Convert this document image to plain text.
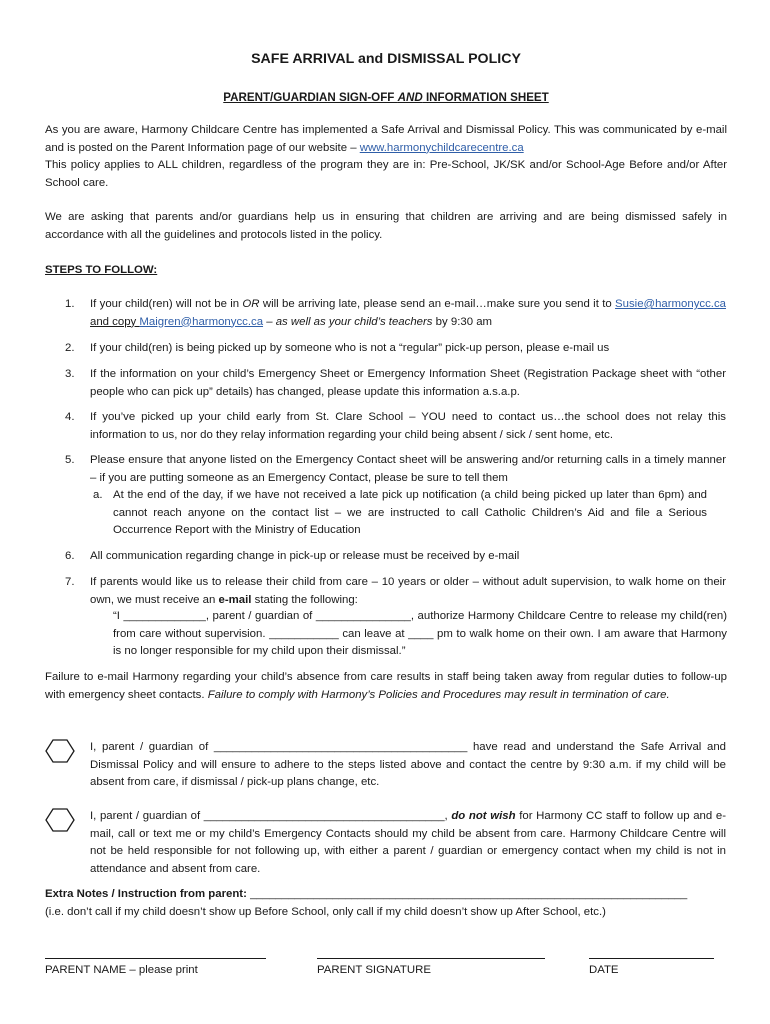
SAFE ARRIVAL and DISMISSAL POLICY
PARENT/GUARDIAN SIGN-OFF AND INFORMATION SHEET
As you are aware, Harmony Childcare Centre has implemented a Safe Arrival and Dismissal Policy. This was communicated by e-mail and is posted on the Parent Information page of our website – www.harmonychildcarecentre.ca
This policy applies to ALL children, regardless of the program they are in: Pre-School, JK/SK and/or School-Age Before and/or After School care.
We are asking that parents and/or guardians help us in ensuring that children are arriving and are being dismissed safely in accordance with all the guidelines and protocols listed in the policy.
STEPS TO FOLLOW:
1.	If your child(ren) will not be in OR will be arriving late, please send an e-mail…make sure you send it to Susie@harmonycc.ca and copy Maigren@harmonycc.ca – as well as your child’s teachers by 9:30 am
2.	If your child(ren) is being picked up by someone who is not a “regular” pick-up person, please e-mail us
3.	If the information on your child’s Emergency Sheet or Emergency Information Sheet (Registration Package sheet with “other people who can pick up” details) has changed, please update this information a.s.a.p.
4.	If you’ve picked up your child early from St. Clare School – YOU need to contact us…the school does not relay this information to us, nor do they relay information regarding your child being absent / sick / sent home, etc.
5.	Please ensure that anyone listed on the Emergency Contact sheet will be answering and/or returning calls in a timely manner – if you are putting someone as an Emergency Contact, please be sure to tell them
a. At the end of the day, if we have not received a late pick up notification (a child being picked up later than 6pm) and cannot reach anyone on the contact list – we are instructed to call Catholic Children’s Aid and file a Serious Occurrence Report with the Ministry of Education
6.	All communication regarding change in pick-up or release must be received by e-mail
7.	If parents would like us to release their child from care – 10 years or older – without adult supervision, to walk home on their own, we must receive an e-mail stating the following:
“I _____________, parent / guardian of _______________, authorize Harmony Childcare Centre to release my child(ren) from care without supervision. ___________ can leave at ____ pm to walk home on their own. I am aware that Harmony is no longer responsible for my child upon their dismissal.”
Failure to e-mail Harmony regarding your child’s absence from care results in staff being taken away from regular duties to follow-up with emergency sheet contacts. Failure to comply with Harmony’s Policies and Procedures may result in termination of care.
I, parent / guardian of ________________________________________ have read and understand the Safe Arrival and Dismissal Policy and will ensure to adhere to the steps listed above and contact the centre by 9:30 a.m. if my child will be absent from care, if dismissal / pick-up plans change, etc.
I, parent / guardian of ______________________________________, do not wish for Harmony CC staff to follow up and e-mail, call or text me or my child’s Emergency Contacts should my child be absent from care. Harmony Childcare Centre will not be held responsible for not following up, with either a parent / guardian or emergency contact when my child is not in attendance and absent from care.
Extra Notes / Instruction from parent: _____________________________________________________________________
(i.e. don’t call if my child doesn’t show up Before School, only call if my child doesn’t show up After School, etc.)
PARENT NAME – please print	PARENT SIGNATURE	DATE
